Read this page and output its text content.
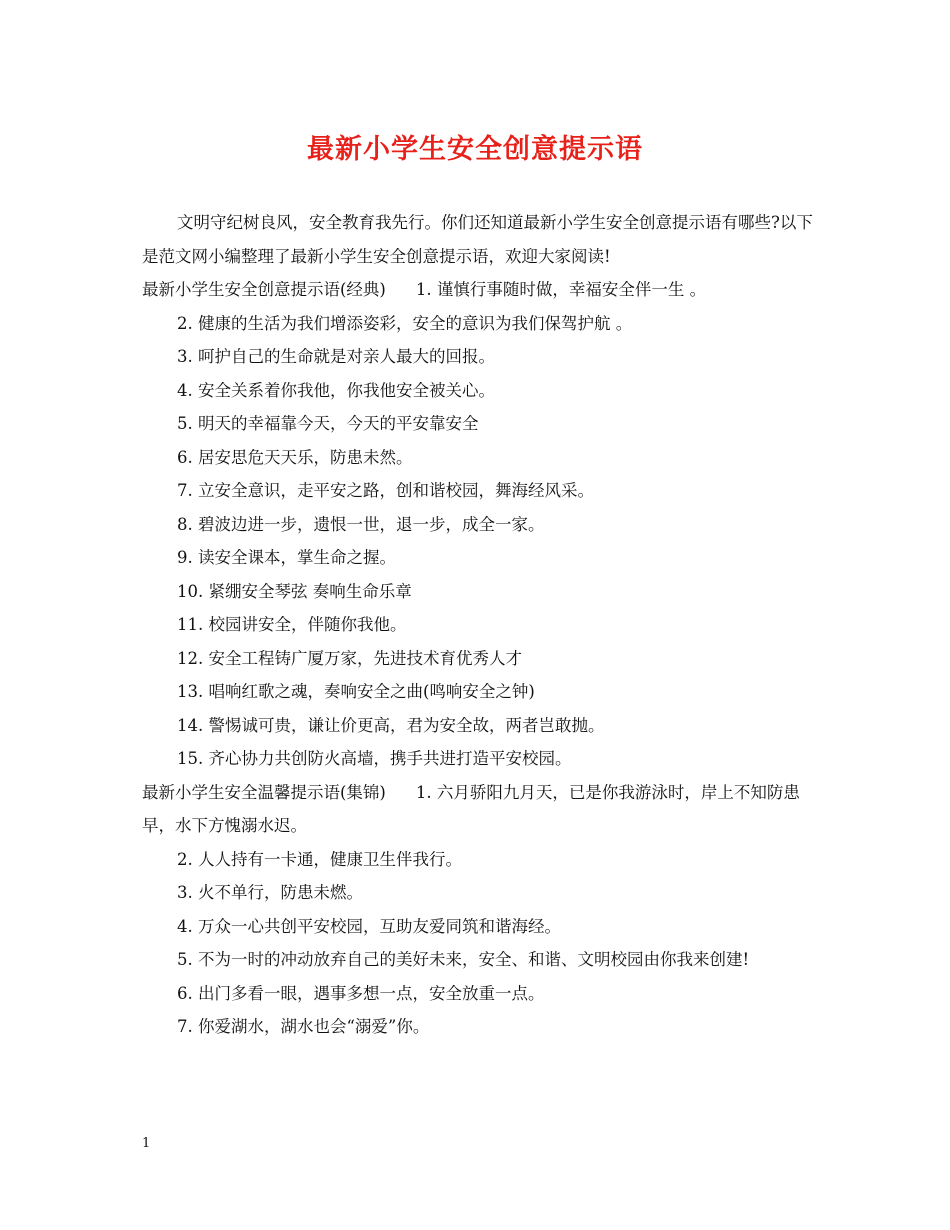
最新小学生安全创意提示语

文明守纪树良风，安全教育我先行。你们还知道最新小学生安全创意提示语有哪些?以下是范文网小编整理了最新小学生安全创意提示语，欢迎大家阅读!

最新小学生安全创意提示语(经典) 1. 谨慎行事随时做，幸福安全伴一生 。

2. 健康的生活为我们增添姿彩，安全的意识为我们保驾护航 。

3. 呵护自己的生命就是对亲人最大的回报。

4. 安全关系着你我他，你我他安全被关心。

5. 明天的幸福靠今天，今天的平安靠安全

6. 居安思危天天乐，防患未然。

7. 立安全意识，走平安之路，创和谐校园，舞海经风采。

8. 碧波边进一步，遗恨一世，退一步，成全一家。

9. 读安全课本，掌生命之握。

10. 紧绷安全琴弦 奏响生命乐章

11. 校园讲安全，伴随你我他。

12. 安全工程铸广厦万家，先进技术育优秀人才

13. 唱响红歌之魂，奏响安全之曲(鸣响安全之钟)

14. 警惕诚可贵，谦让价更高，君为安全故，两者岂敢抛。

15. 齐心协力共创防火高墙，携手共进打造平安校园。

最新小学生安全温馨提示语(集锦) 1. 六月骄阳九月天，已是你我游泳时，岸上不知防患早，水下方愧溺水迟。

2. 人人持有一卡通，健康卫生伴我行。

3. 火不单行，防患未燃。

4. 万众一心共创平安校园，互助友爱同筑和谐海经。

5. 不为一时的冲动放弃自己的美好未来，安全、和谐、文明校园由你我来创建!

6. 出门多看一眼，遇事多想一点，安全放重一点。

7. 你爱湖水，湖水也会“溺爱”你。

1
